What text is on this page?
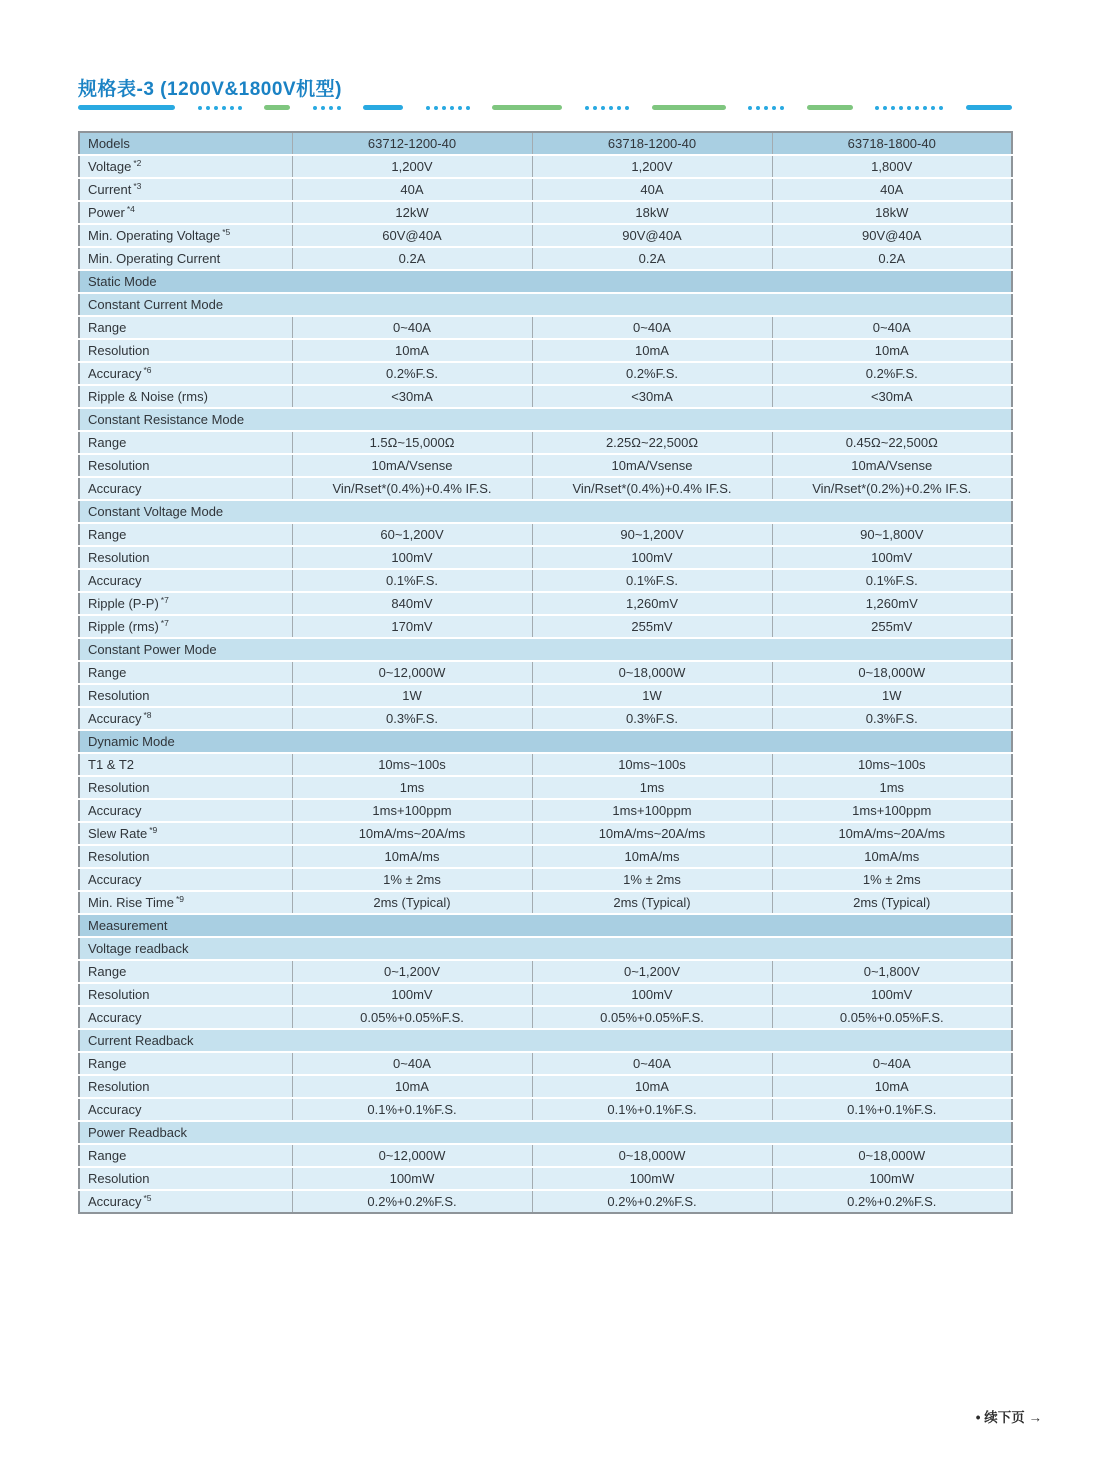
规格表-3 (1200V&1800V机型)
Models	63712-1200-40	63718-1200-40	63718-1800-40
Voltage $^{*2}$	1,200V	1,200V	1,800V
Current $^{*3}$	40A	40A	40A
Power $^{*4}$	12kW	18kW	18kW
Min. Operating Voltage $^{*5}$	60V@40A	90V@40A	90V@40A
Min. Operating Current	0.2A	0.2A	0.2A
Static Mode			
Constant Current Mode			
Range	0~40A	0~40A	0~40A
Resolution	10mA	10mA	10mA
Accuracy $^{*6}$	0.2%F.S.	0.2%F.S.	0.2%F.S.
Ripple & Noise (rms)	<30mA	<30mA	<30mA
Constant Resistance Mode			
Range	1.5Ω~15,000Ω	2.25Ω~22,500Ω	0.45Ω~22,500Ω
Resolution	10mA/Vsense	10mA/Vsense	10mA/Vsense
Accuracy	Vin/Rset*(0.4%)+0.4% IF.S.	Vin/Rset*(0.4%)+0.4% IF.S.	Vin/Rset*(0.2%)+0.2% IF.S.
Constant Voltage Mode			
Range	60~1,200V	90~1,200V	90~1,800V
Resolution	100mV	100mV	100mV
Accuracy	0.1%F.S.	0.1%F.S.	0.1%F.S.
Ripple (P-P) $^{*7}$	840mV	1,260mV	1,260mV
Ripple (rms) $^{*7}$	170mV	255mV	255mV
Constant Power Mode			
Range	0~12,000W	0~18,000W	0~18,000W
Resolution	1W	1W	1W
Accuracy $^{*8}$	0.3%F.S.	0.3%F.S.	0.3%F.S.
Dynamic Mode			
T1 & T2	10ms~100s	10ms~100s	10ms~100s
Resolution	1ms	1ms	1ms
Accuracy	1ms+100ppm	1ms+100ppm	1ms+100ppm
Slew Rate $^{*9}$	10mA/ms~20A/ms	10mA/ms~20A/ms	10mA/ms~20A/ms
Resolution	10mA/ms	10mA/ms	10mA/ms
Accuracy	1% ± 2ms	1% ± 2ms	1% ± 2ms
Min. Rise Time $^{*9}$	2ms (Typical)	2ms (Typical)	2ms (Typical)
Measurement			
Voltage readback			
Range	0~1,200V	0~1,200V	0~1,800V
Resolution	100mV	100mV	100mV
Accuracy	0.05%+0.05%F.S.	0.05%+0.05%F.S.	0.05%+0.05%F.S.
Current Readback			
Range	0~40A	0~40A	0~40A
Resolution	10mA	10mA	10mA
Accuracy	0.1%+0.1%F.S.	0.1%+0.1%F.S.	0.1%+0.1%F.S.
Power Readback			
Range	0~12,000W	0~18,000W	0~18,000W
Resolution	100mW	100mW	100mW
Accuracy $^{*5}$	0.2%+0.2%F.S.	0.2%+0.2%F.S.	0.2%+0.2%F.S.
• 续下页 →
